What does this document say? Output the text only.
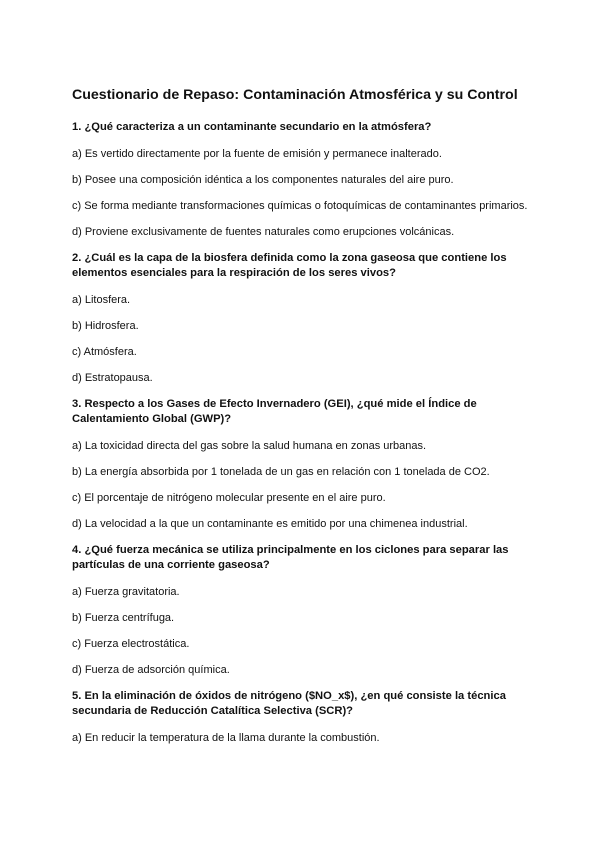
Cuestionario de Repaso: Contaminación Atmosférica y su Control
1. ¿Qué caracteriza a un contaminante secundario en la atmósfera?
a) Es vertido directamente por la fuente de emisión y permanece inalterado.
b) Posee una composición idéntica a los componentes naturales del aire puro.
c) Se forma mediante transformaciones químicas o fotoquímicas de contaminantes primarios.
d) Proviene exclusivamente de fuentes naturales como erupciones volcánicas.
2. ¿Cuál es la capa de la biosfera definida como la zona gaseosa que contiene los elementos esenciales para la respiración de los seres vivos?
a) Litosfera.
b) Hidrosfera.
c) Atmósfera.
d) Estratopausa.
3. Respecto a los Gases de Efecto Invernadero (GEI), ¿qué mide el Índice de Calentamiento Global (GWP)?
a) La toxicidad directa del gas sobre la salud humana en zonas urbanas.
b) La energía absorbida por 1 tonelada de un gas en relación con 1 tonelada de CO2.
c) El porcentaje de nitrógeno molecular presente en el aire puro.
d) La velocidad a la que un contaminante es emitido por una chimenea industrial.
4. ¿Qué fuerza mecánica se utiliza principalmente en los ciclones para separar las partículas de una corriente gaseosa?
a) Fuerza gravitatoria.
b) Fuerza centrífuga.
c) Fuerza electrostática.
d) Fuerza de adsorción química.
5. En la eliminación de óxidos de nitrógeno ($NO_x$), ¿en qué consiste la técnica secundaria de Reducción Catalítica Selectiva (SCR)?
a) En reducir la temperatura de la llama durante la combustión.
